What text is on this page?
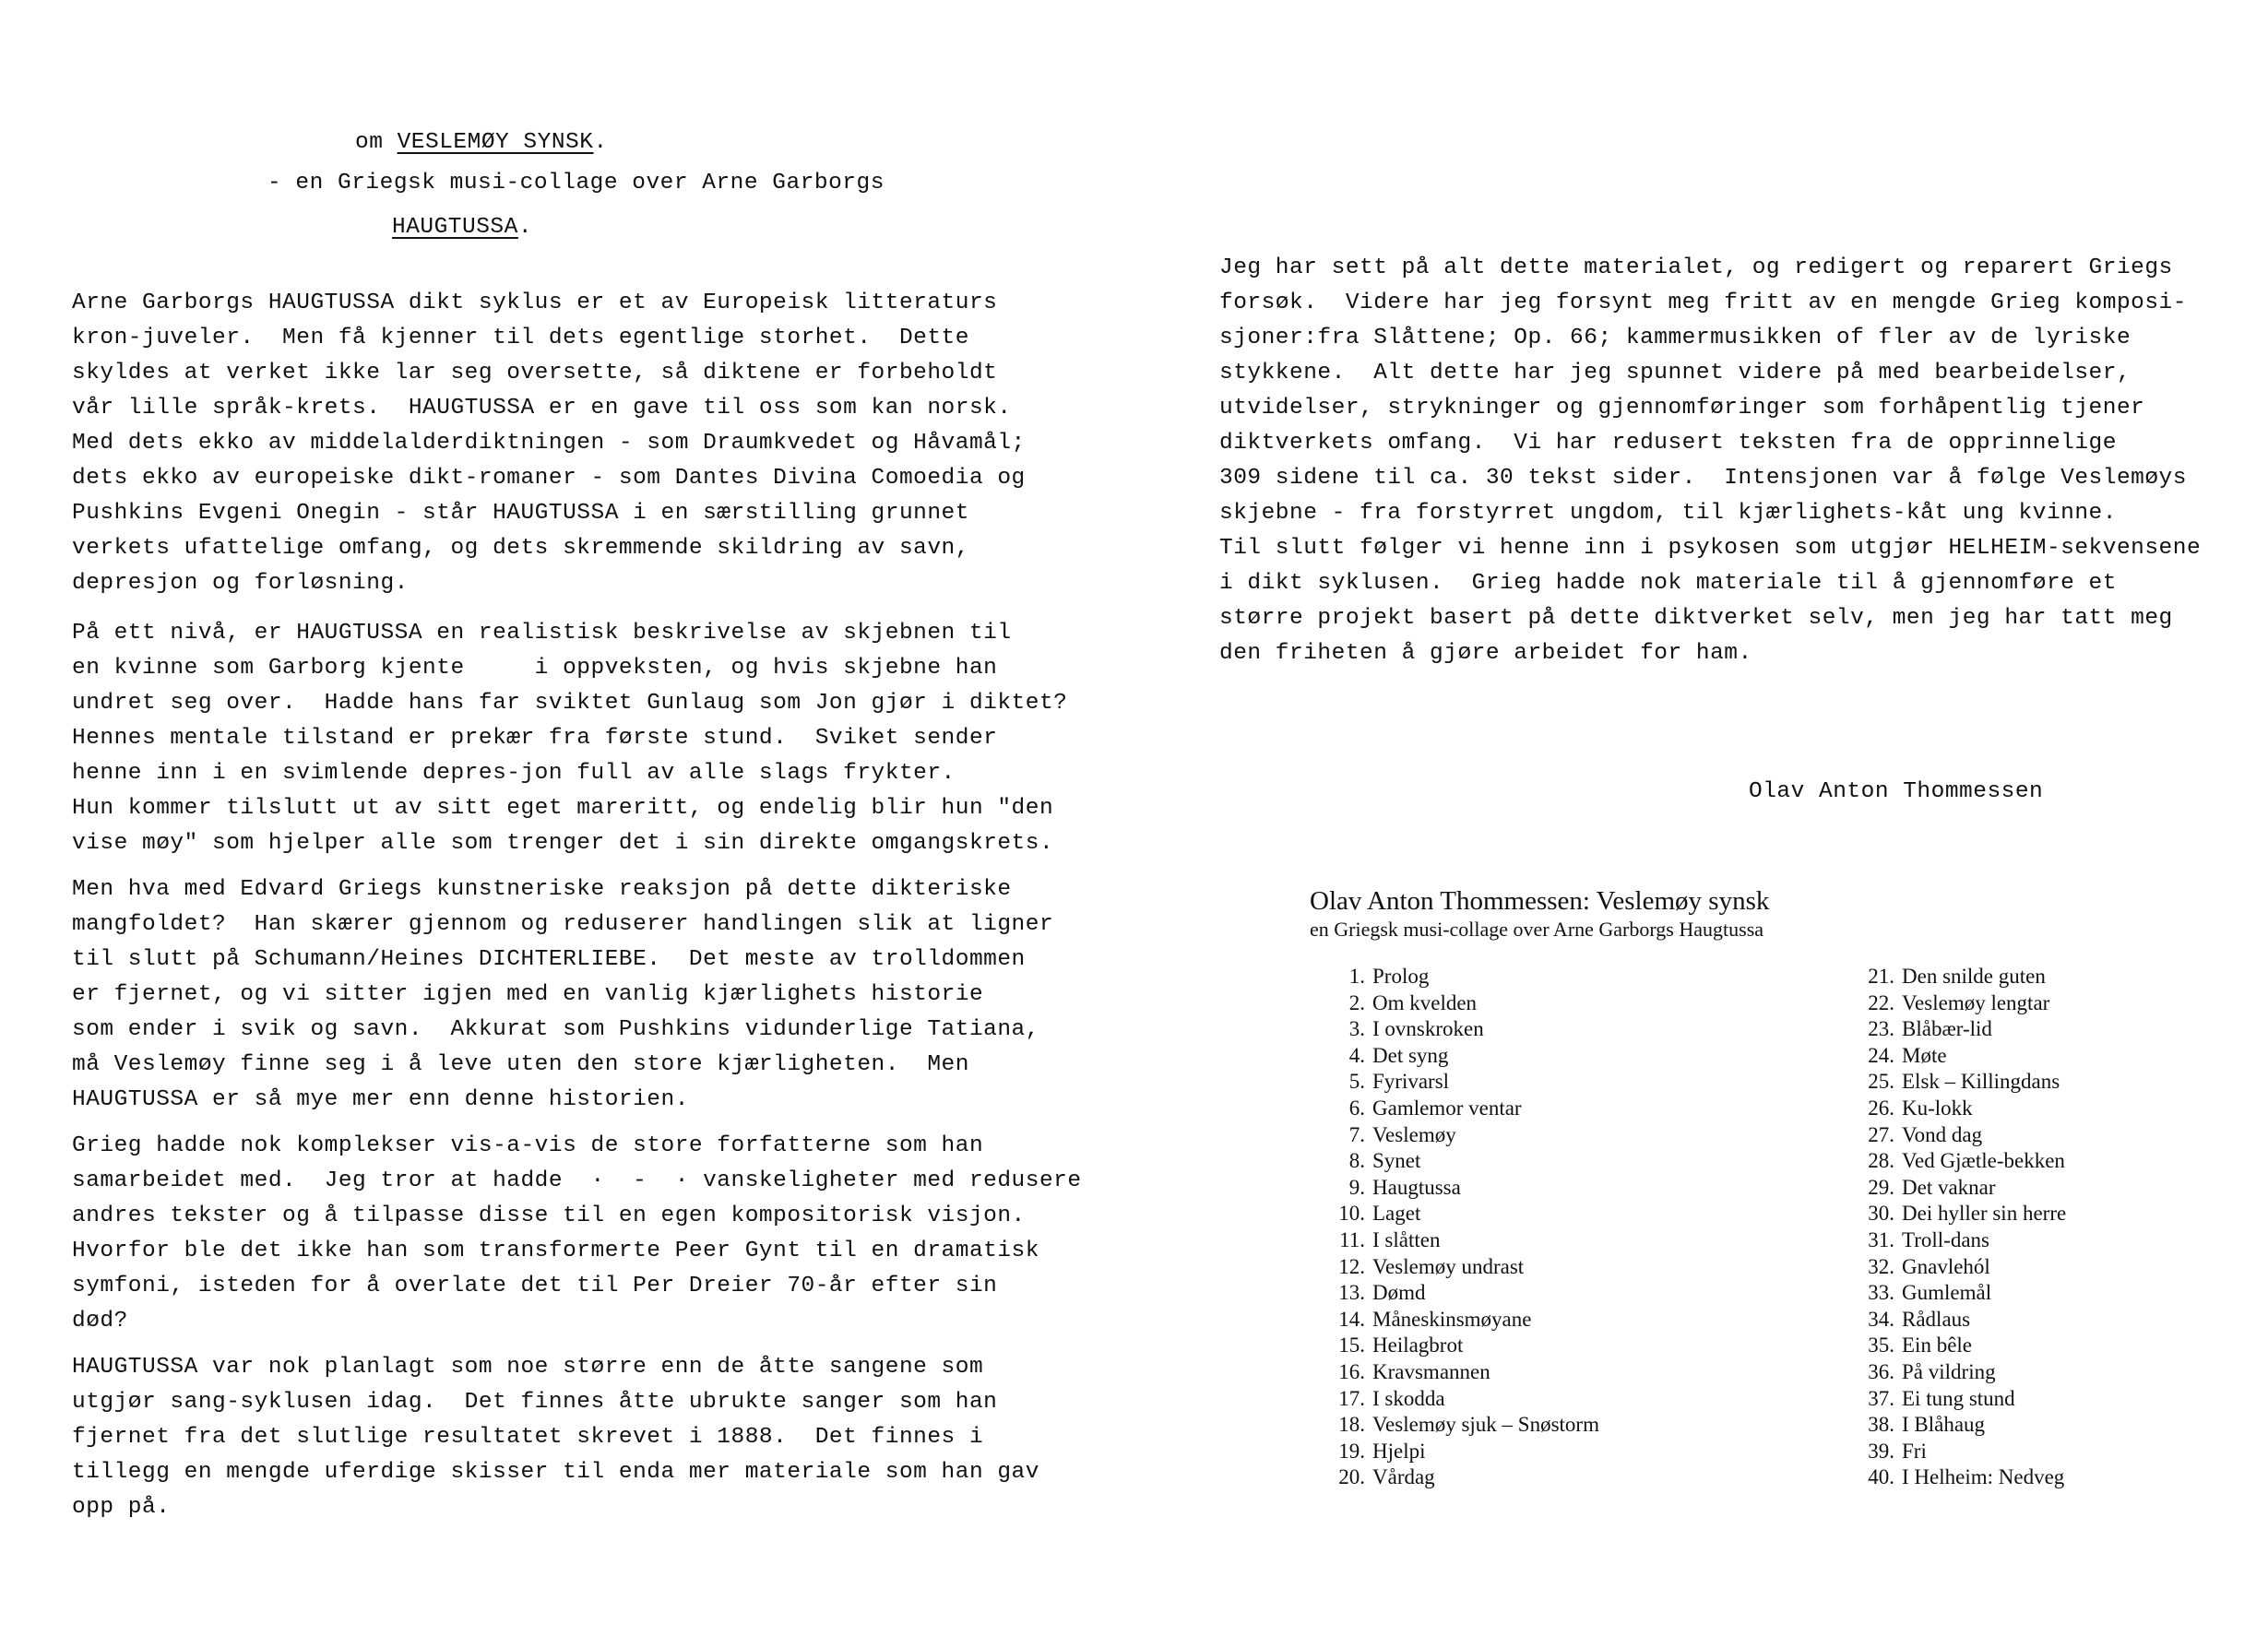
om VESLEMØY SYNSK.
- en Griegsk musi-collage over Arne Garborgs
HAUGTUSSA.
Arne Garborgs HAUGTUSSA dikt syklus er et av Europeisk litteraturs
kron-juveler.  Men få kjenner til dets egentlige storhet.  Dette
skyldes at verket ikke lar seg oversette, så diktene er forbeholdt
vår lille språk-krets.  HAUGTUSSA er en gave til oss som kan norsk.
Med dets ekko av middelalderdiktningen - som Draumkvedet og Håvamål;
dets ekko av europeiske dikt-romaner - som Dantes Divina Comoedia og
Pushkins Evgeni Onegin - står HAUGTUSSA i en særstilling grunnet
verkets ufattelige omfang, og dets skremmende skildring av savn,
depresjon og forløsning.
På ett nivå, er HAUGTUSSA en realistisk beskrivelse av skjebnen til
en kvinne som Garborg kjente     i oppveksten, og hvis skjebne han
undret seg over.  Hadde hans far sviktet Gunlaug som Jon gjør i diktet?
Hennes mentale tilstand er prekær fra første stund.  Sviket sender
henne inn i en svimlende depres-jon full av alle slags frykter.
Hun kommer tilslutt ut av sitt eget mareritt, og endelig blir hun "den
vise møy" som hjelper alle som trenger det i sin direkte omgangskrets.
Men hva med Edvard Griegs kunstneriske reaksjon på dette dikteriske
mangfoldet?  Han skærer gjennom og reduserer handlingen slik at ligner
til slutt på Schumann/Heines DICHTERLIEBE.  Det meste av trolldommen
er fjernet, og vi sitter igjen med en vanlig kjærlighets historie
som ender i svik og savn.  Akkurat som Pushkins vidunderlige Tatiana,
må Veslemøy finne seg i å leve uten den store kjærligheten.  Men
HAUGTUSSA er så mye mer enn denne historien.
Grieg hadde nok komplekser vis-a-vis de store forfatterne som han
samarbeidet med.  Jeg tror at hadde  ·  -  · vanskeligheter med redusere
andres tekster og å tilpasse disse til en egen kompositorisk visjon.
Hvorfor ble det ikke han som transformerte Peer Gynt til en dramatisk
symfoni, isteden for å overlate det til Per Dreier 70-år efter sin
død?
HAUGTUSSA var nok planlagt som noe større enn de åtte sangene som
utgjør sang-syklusen idag.  Det finnes åtte ubrukte sanger som han
fjernet fra det slutlige resultatet skrevet i 1888.  Det finnes i
tillegg en mengde uferdige skisser til enda mer materiale som han gav
opp på.
Jeg har sett på alt dette materialet, og redigert og reparert Griegs
forsøk.  Videre har jeg forsynt meg fritt av en mengde Grieg komposi-
sjoner:fra Slåttene; Op. 66; kammermusikken of fler av de lyriske
stykkene.  Alt dette har jeg spunnet videre på med bearbeidelser,
utvidelser, strykninger og gjennomføringer som forhåpentlig tjener
diktverkets omfang.  Vi har redusert teksten fra de opprinnelige
309 sidene til ca. 30 tekst sider.  Intensjonen var å følge Veslemøys
skjebne - fra forstyrret ungdom, til kjærlighets-kåt ung kvinne.
Til slutt følger vi henne inn i psykosen som utgjør HELHEIM-sekvensene
i dikt syklusen.  Grieg hadde nok materiale til å gjennomføre et
større projekt basert på dette diktverket selv, men jeg har tatt meg
den friheten å gjøre arbeidet for ham.
Olav Anton Thommessen
Olav Anton Thommessen: Veslemøy synsk
en Griegsk musi-collage over Arne Garborgs Haugtussa
1. Prolog
2. Om kvelden
3. I ovnskroken
4. Det syng
5. Fyrivarsl
6. Gamlemor ventar
7. Veslemøy
8. Synet
9. Haugtussa
10. Laget
11. I slåtten
12. Veslemøy undrast
13. Dømd
14. Måneskinsmøyane
15. Heilagbrot
16. Kravsmannen
17. I skodda
18. Veslemøy sjuk – Snøstorm
19. Hjelpi
20. Vårdag
21. Den snilde guten
22. Veslemøy lengtar
23. Blåbær-lid
24. Møte
25. Elsk – Killingdans
26. Ku-lokk
27. Vond dag
28. Ved Gjætle-bekken
29. Det vaknar
30. Dei hyller sin herre
31. Troll-dans
32. Gnavlehól
33. Gumlemål
34. Rådlaus
35. Ein bêle
36. På vildring
37. Ei tung stund
38. I Blåhaug
39. Fri
40. I Helheim: Nedveg
